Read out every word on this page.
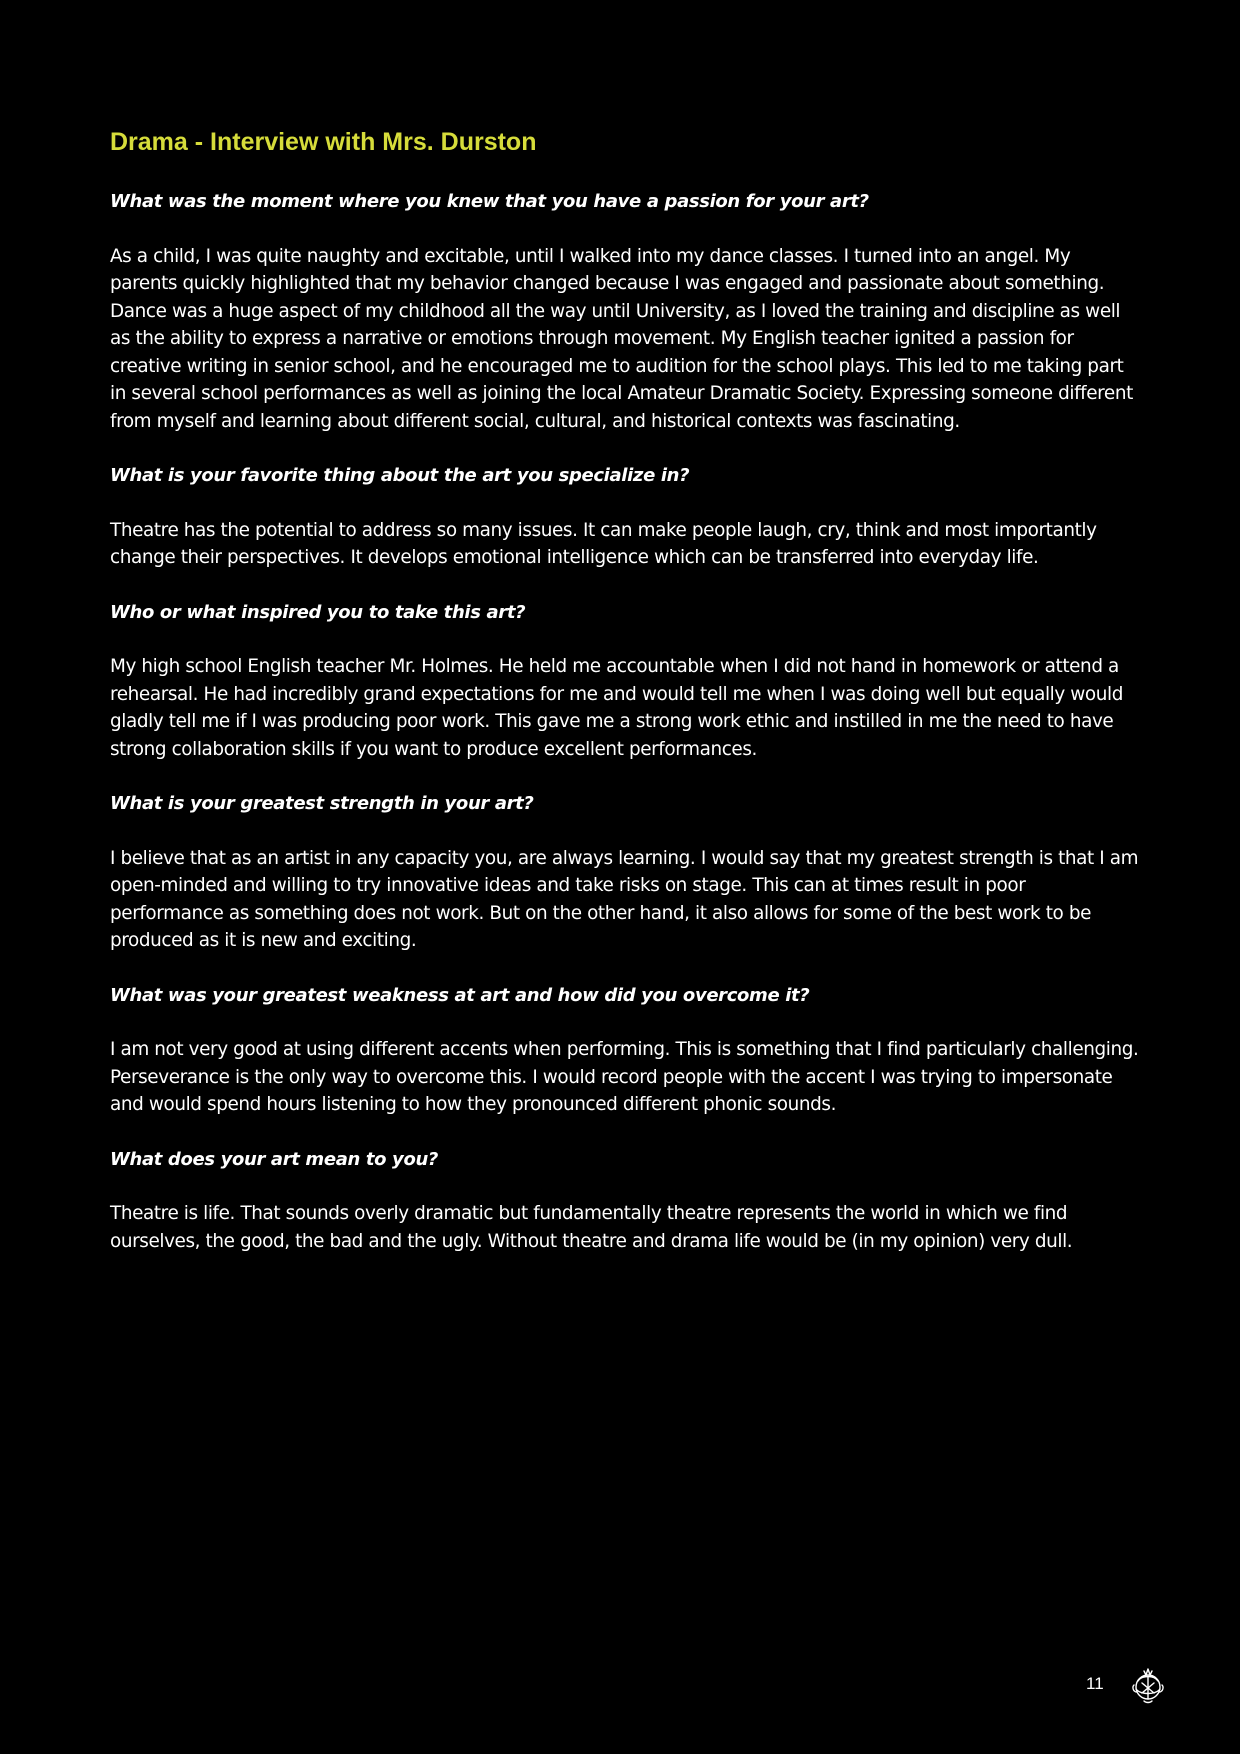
Drama - Interview with Mrs. Durston

What was the moment where you knew that you have a passion for your art?

As a child, I was quite naughty and excitable, until I walked into my dance classes. I turned into an angel. My parents quickly highlighted that my behavior changed because I was engaged and passionate about something. Dance was a huge aspect of my childhood all the way until University, as I loved the training and discipline as well as the ability to express a narrative or emotions through movement. My English teacher ignited a passion for creative writing in senior school, and he encouraged me to audition for the school plays. This led to me taking part in several school performances as well as joining the local Amateur Dramatic Society. Expressing someone different from myself and learning about different social, cultural, and historical contexts was fascinating.

What is your favorite thing about the art you specialize in?

Theatre has the potential to address so many issues. It can make people laugh, cry, think and most importantly change their perspectives. It develops emotional intelligence which can be transferred into everyday life.

Who or what inspired you to take this art?

My high school English teacher Mr. Holmes. He held me accountable when I did not hand in homework or attend a rehearsal. He had incredibly grand expectations for me and would tell me when I was doing well but equally would gladly tell me if I was producing poor work. This gave me a strong work ethic and instilled in me the need to have strong collaboration skills if you want to produce excellent performances.

What is your greatest strength in your art?

I believe that as an artist in any capacity you, are always learning. I would say that my greatest strength is that I am open-minded and willing to try innovative ideas and take risks on stage. This can at times result in poor performance as something does not work. But on the other hand, it also allows for some of the best work to be produced as it is new and exciting.

What was your greatest weakness at art and how did you overcome it?

I am not very good at using different accents when performing. This is something that I find particularly challenging. Perseverance is the only way to overcome this. I would record people with the accent I was trying to impersonate and would spend hours listening to how they pronounced different phonic sounds.

What does your art mean to you?

Theatre is life. That sounds overly dramatic but fundamentally theatre represents the world in which we find ourselves, the good, the bad and the ugly. Without theatre and drama life would be (in my opinion) very dull.

11
